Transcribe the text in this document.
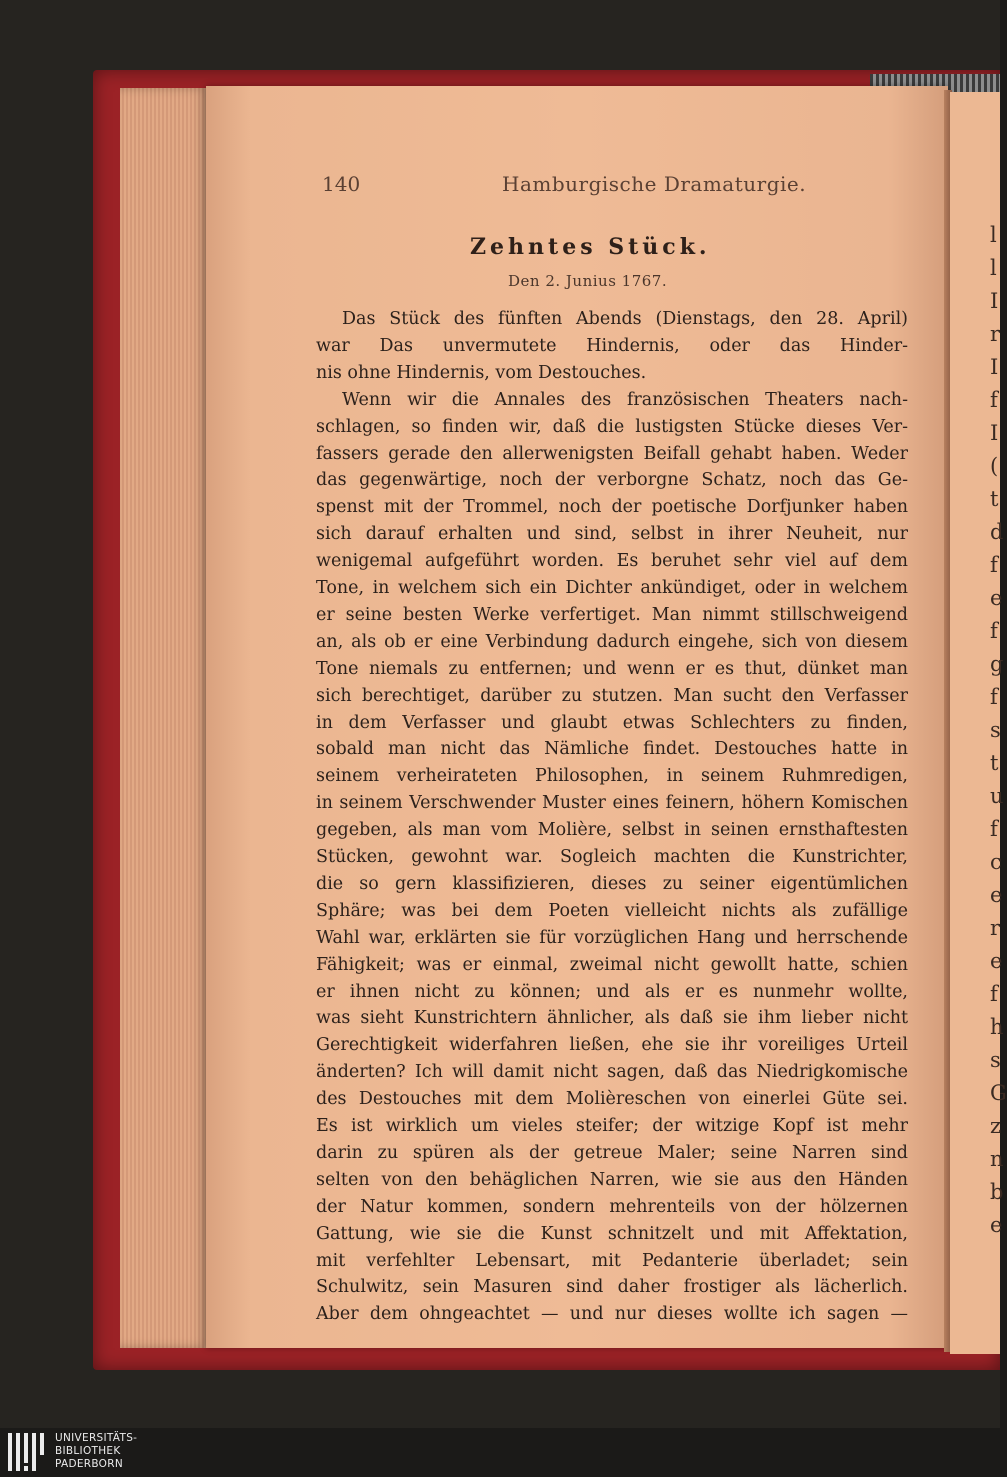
140	Hamburgische Dramaturgie.
Zehntes Stück.
Den 2. Junius 1767.
Das Stück des fünften Abends (Dienstags, den 28. April)
war Das unvermutete Hindernis, oder das Hinder-
nis ohne Hindernis, vom Destouches.
Wenn wir die Annales des französischen Theaters nach-
schlagen, so finden wir, daß die lustigsten Stücke dieses Ver-
fassers gerade den allerwenigsten Beifall gehabt haben. Weder
das gegenwärtige, noch der verborgne Schatz, noch das Ge-
spenst mit der Trommel, noch der poetische Dorfjunker haben
sich darauf erhalten und sind, selbst in ihrer Neuheit, nur
wenigemal aufgeführt worden. Es beruhet sehr viel auf dem
Tone, in welchem sich ein Dichter ankündiget, oder in welchem
er seine besten Werke verfertiget. Man nimmt stillschweigend
an, als ob er eine Verbindung dadurch eingehe, sich von diesem
Tone niemals zu entfernen; und wenn er es thut, dünket man
sich berechtiget, darüber zu stutzen. Man sucht den Verfasser
in dem Verfasser und glaubt etwas Schlechters zu finden,
sobald man nicht das Nämliche findet. Destouches hatte in
seinem verheirateten Philosophen, in seinem Ruhmredigen,
in seinem Verschwender Muster eines feinern, höhern Komischen
gegeben, als man vom Molière, selbst in seinen ernsthaftesten
Stücken, gewohnt war. Sogleich machten die Kunstrichter,
die so gern klassifizieren, dieses zu seiner eigentümlichen
Sphäre; was bei dem Poeten vielleicht nichts als zufällige
Wahl war, erklärten sie für vorzüglichen Hang und herrschende
Fähigkeit; was er einmal, zweimal nicht gewollt hatte, schien
er ihnen nicht zu können; und als er es nunmehr wollte,
was sieht Kunstrichtern ähnlicher, als daß sie ihm lieber nicht
Gerechtigkeit widerfahren ließen, ehe sie ihr voreiliges Urteil
änderten? Ich will damit nicht sagen, daß das Niedrigkomische
des Destouches mit dem Molièreschen von einerlei Güte sei.
Es ist wirklich um vieles steifer; der witzige Kopf ist mehr
darin zu spüren als der getreue Maler; seine Narren sind
selten von den behäglichen Narren, wie sie aus den Händen
der Natur kommen, sondern mehrenteils von der hölzernen
Gattung, wie sie die Kunst schnitzelt und mit Affektation,
mit verfehlter Lebensart, mit Pedanterie überladet; sein
Schulwitz, sein Masuren sind daher frostiger als lächerlich.
Aber dem ohngeachtet — und nur dieses wollte ich sagen —
l
l
I
r
I
f
I
(
t
d
f
e
f
g
f
s
t
u
f
c
e
r
e
f
h
s
G
z
n
b
e
UNIVERSITÄTS-
BIBLIOTHEK
PADERBORN
